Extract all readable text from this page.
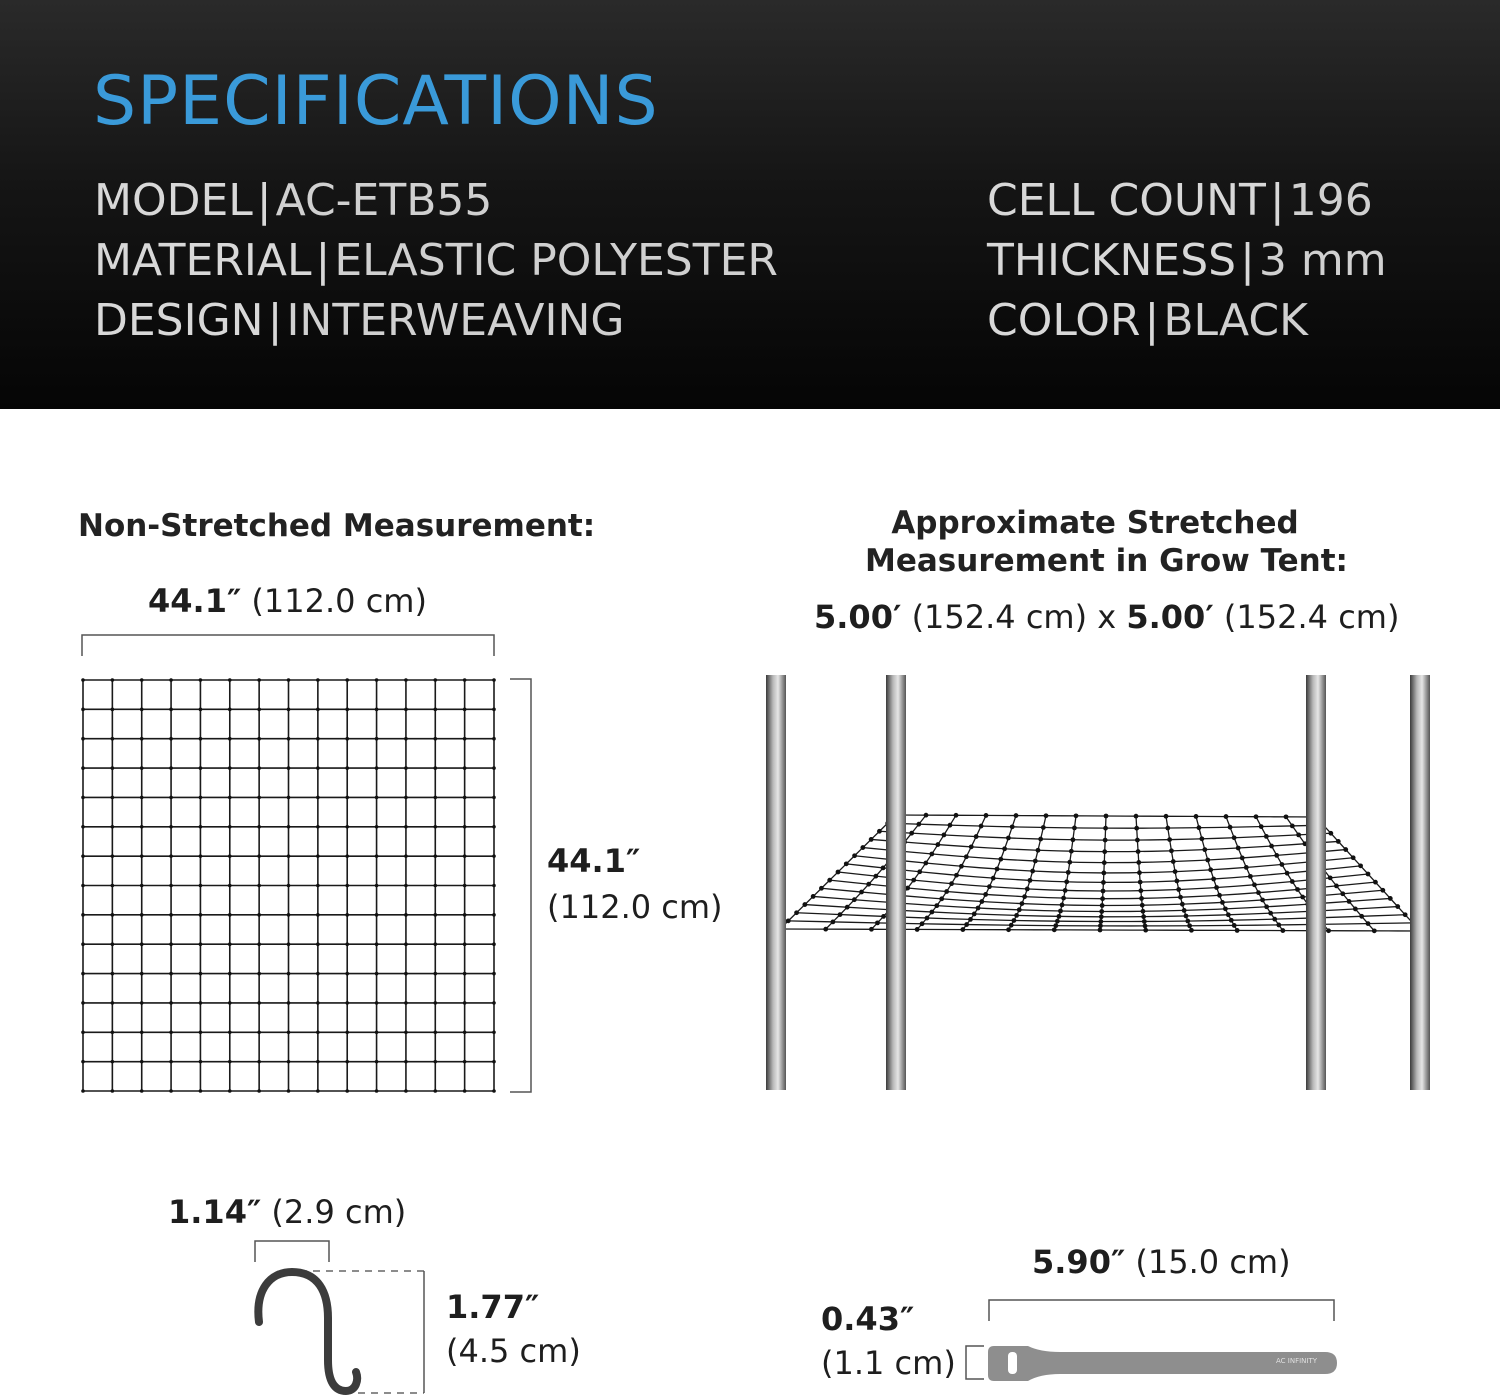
SPECIFICATIONS
MODEL|AC-ETB55
MATERIAL|ELASTIC POLYESTER
DESIGN|INTERWEAVING
CELL COUNT|196
THICKNESS|3 mm
COLOR|BLACK
Non-Stretched Measurement:
44.1″ (112.0 cm)
44.1″
(112.0 cm)
Approximate Stretched
Measurement in Grow Tent:
5.00′ (152.4 cm) x 5.00′ (152.4 cm)
1.14″ (2.9 cm)
1.77″
(4.5 cm)
5.90″ (15.0 cm)
0.43″
(1.1 cm)	AC INFINITY
